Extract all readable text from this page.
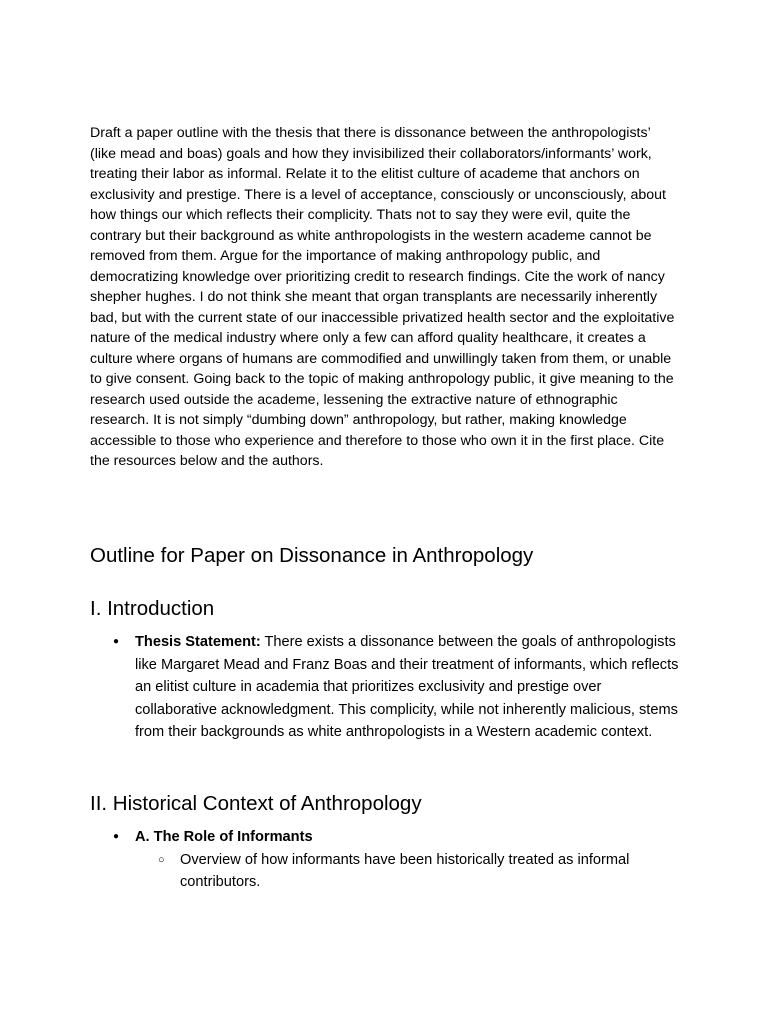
Draft a paper outline with the thesis that there is dissonance between the anthropologists’ (like mead and boas) goals and how they invisibilized their collaborators/informants’ work, treating their labor as informal. Relate it to the elitist culture of academe that anchors on exclusivity and prestige. There is a level of acceptance, consciously or unconsciously, about how things our which reflects their complicity. Thats not to say they were evil, quite the contrary but their background as white anthropologists in the western academe cannot be removed from them. Argue for the importance of making anthropology public, and democratizing knowledge over prioritizing credit to research findings. Cite the work of nancy shepher hughes. I do not think she meant that organ transplants are necessarily inherently bad, but with the current state of our inaccessible privatized health sector and the exploitative nature of the medical industry where only a few can afford quality healthcare, it creates a culture where organs of humans are commodified and unwillingly taken from them, or unable to give consent. Going back to the topic of making anthropology public, it give meaning to the research used outside the academe, lessening the extractive nature of ethnographic research. It is not simply “dumbing down” anthropology, but rather, making knowledge accessible to those who experience and therefore to those who own it in the first place. Cite the resources below and the authors.

Outline for Paper on Dissonance in Anthropology
I. Introduction
●	Thesis Statement: There exists a dissonance between the goals of anthropologists like Margaret Mead and Franz Boas and their treatment of informants, which reflects an elitist culture in academia that prioritizes exclusivity and prestige over collaborative acknowledgment. This complicity, while not inherently malicious, stems from their backgrounds as white anthropologists in a Western academic context.
II. Historical Context of Anthropology
●	A. The Role of Informants
○	Overview of how informants have been historically treated as informal contributors.
